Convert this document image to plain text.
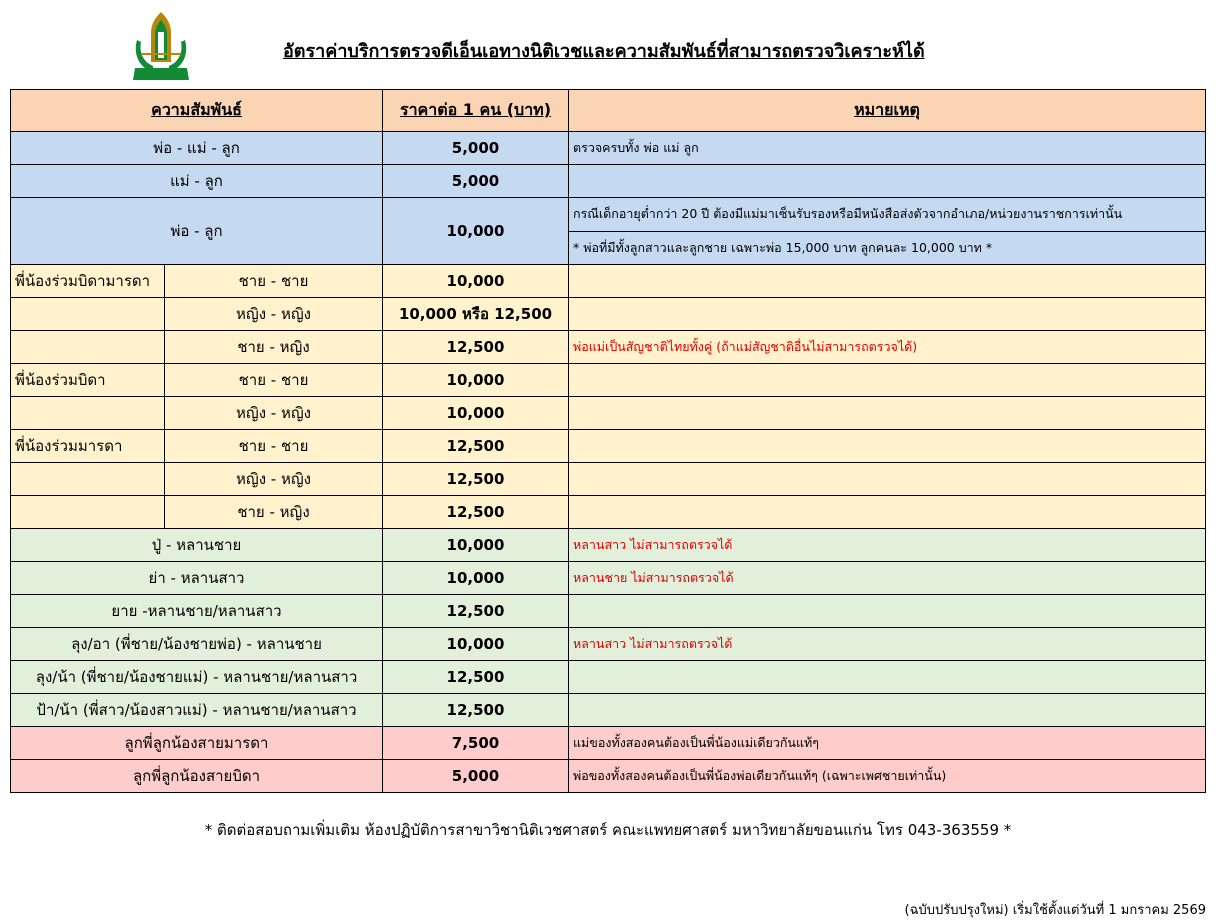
อัตราค่าบริการตรวจดีเอ็นเอทางนิติเวชและความสัมพันธ์ที่สามารถตรวจวิเคราะห์ได้
ความสัมพันธ์		ราคาต่อ 1 คน (บาท)	หมายเหตุ
พ่อ - แม่ - ลูก		5,000	ตรวจครบทั้ง พ่อ แม่ ลูก
แม่ - ลูก		5,000	
พ่อ - ลูก		10,000	กรณีเด็กอายุต่ำกว่า 20 ปี ต้องมีแม่มาเซ็นรับรองหรือมีหนังสือส่งตัวจากอำเภอ/หน่วยงานราชการเท่านั้น
			* พ่อที่มีทั้งลูกสาวและลูกชาย เฉพาะพ่อ 15,000 บาท ลูกคนละ 10,000 บาท *
พี่น้องร่วมบิดามารดา	ชาย - ชาย	10,000	
	หญิง - หญิง	10,000 หรือ 12,500	
	ชาย - หญิง	12,500	พ่อแม่เป็นสัญชาติไทยทั้งคู่ (ถ้าแม่สัญชาติอื่นไม่สามารถตรวจได้)
พี่น้องร่วมบิดา	ชาย - ชาย	10,000	
	หญิง - หญิง	10,000	
พี่น้องร่วมมารดา	ชาย - ชาย	12,500	
	หญิง - หญิง	12,500	
	ชาย - หญิง	12,500	
ปู่ - หลานชาย		10,000	หลานสาว ไม่สามารถตรวจได้
ย่า - หลานสาว		10,000	หลานชาย ไม่สามารถตรวจได้
ยาย -หลานชาย/หลานสาว		12,500	
ลุง/อา (พี่ชาย/น้องชายพ่อ) - หลานชาย		10,000	หลานสาว ไม่สามารถตรวจได้
ลุง/น้า (พี่ชาย/น้องชายแม่) - หลานชาย/หลานสาว		12,500	
ป้า/น้า (พี่สาว/น้องสาวแม่) - หลานชาย/หลานสาว		12,500	
ลูกพี่ลูกน้องสายมารดา		7,500	แม่ของทั้งสองคนต้องเป็นพี่น้องแม่เดียวกันแท้ๆ
ลูกพี่ลูกน้องสายบิดา		5,000	พ่อของทั้งสองคนต้องเป็นพี่น้องพ่อเดียวกันแท้ๆ (เฉพาะเพศชายเท่านั้น)
* ติดต่อสอบถามเพิ่มเติม ห้องปฏิบัติการสาขาวิชานิติเวชศาสตร์ คณะแพทยศาสตร์ มหาวิทยาลัยขอนแก่น โทร 043-363559 *
(ฉบับปรับปรุงใหม่) เริ่มใช้ตั้งแต่วันที่ 1 มกราคม 2569
